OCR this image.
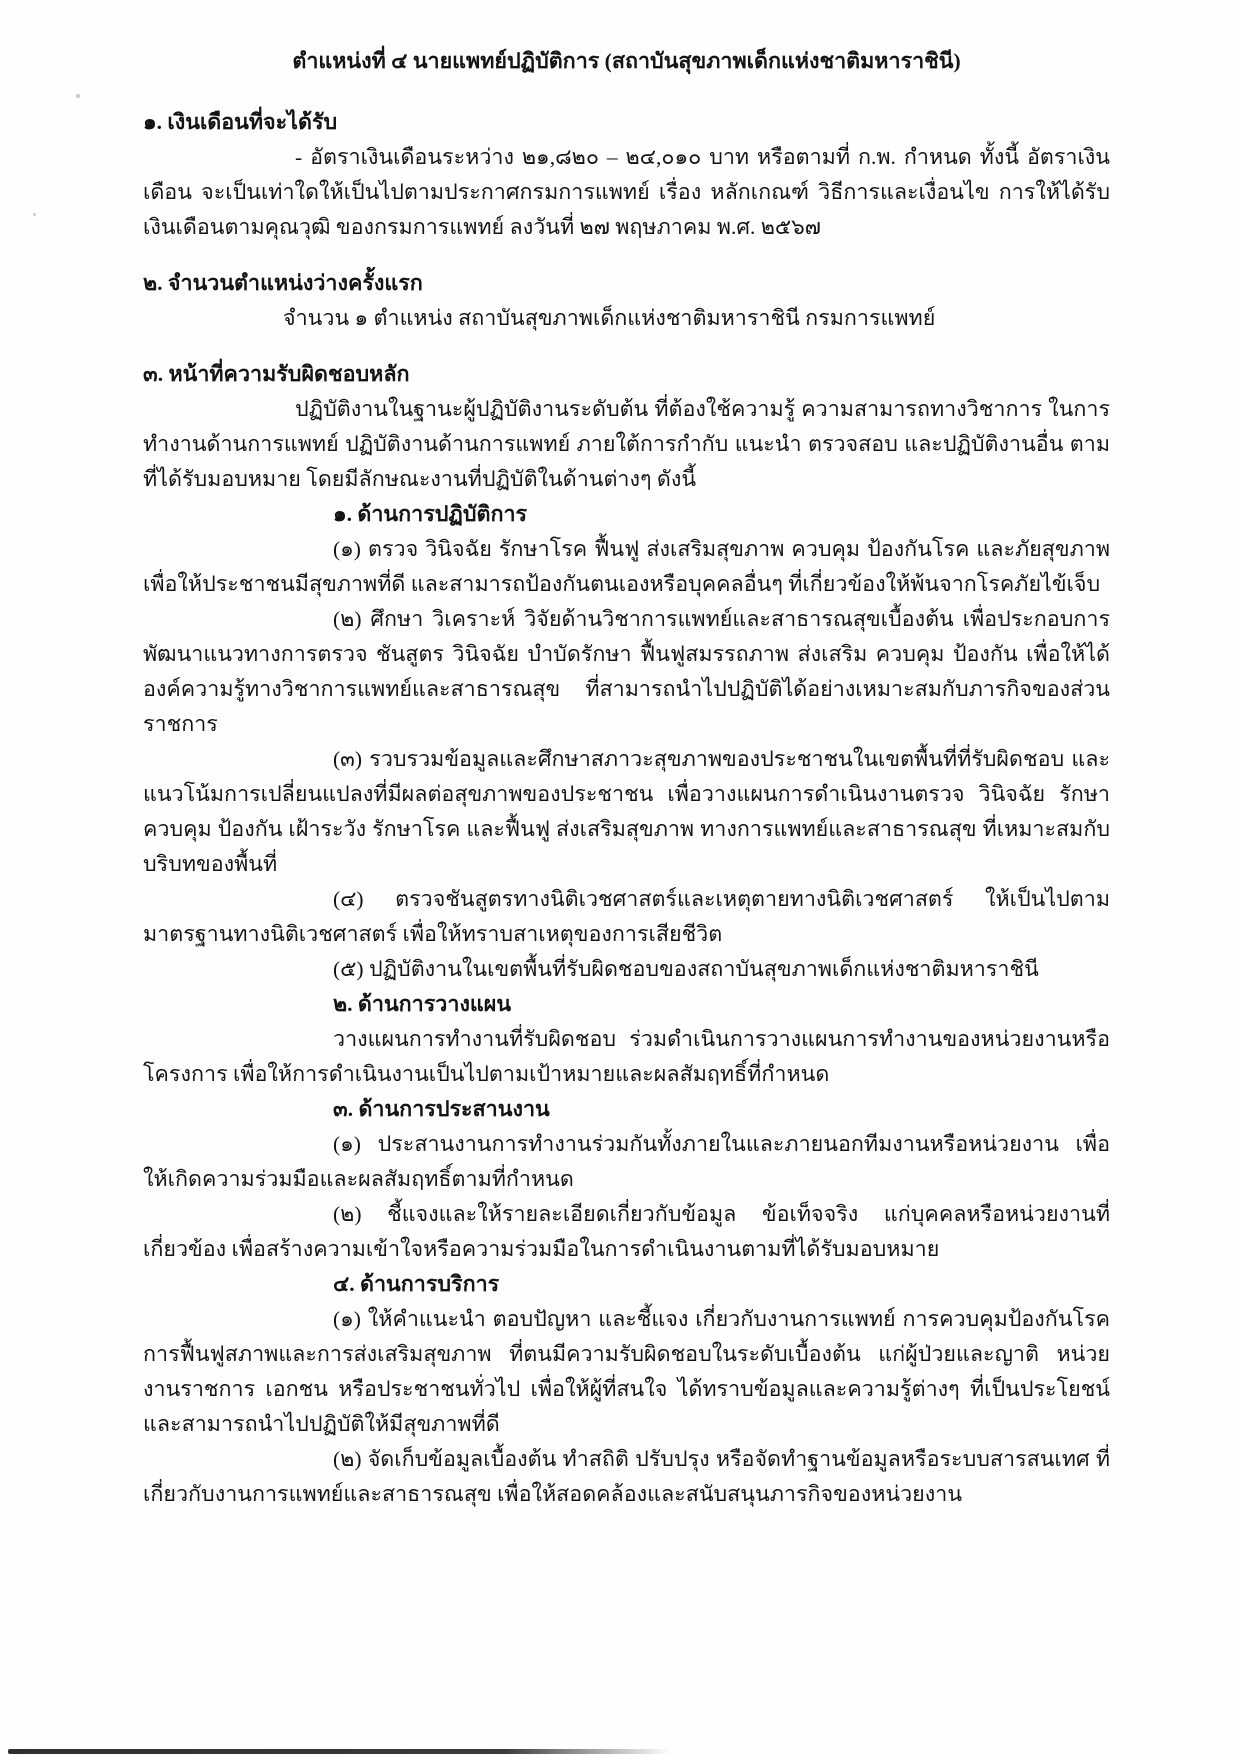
ตำแหน่งที่ ๔ นายแพทย์ปฏิบัติการ (สถาบันสุขภาพเด็กแห่งชาติมหาราชินี)
๑. เงินเดือนที่จะได้รับ

- อัตราเงินเดือนระหว่าง ๒๑,๘๒๐ – ๒๔,๐๑๐ บาท หรือตามที่ ก.พ. กำหนด ทั้งนี้ อัตราเงินเดือน จะเป็นเท่าใดให้เป็นไปตามประกาศกรมการแพทย์ เรื่อง หลักเกณฑ์ วิธีการและเงื่อนไข การให้ได้รับเงินเดือนตามคุณวุฒิ ของกรมการแพทย์ ลงวันที่ ๒๗ พฤษภาคม พ.ศ. ๒๕๖๗

๒. จำนวนตำแหน่งว่างครั้งแรก

จำนวน ๑ ตำแหน่ง สถาบันสุขภาพเด็กแห่งชาติมหาราชินี กรมการแพทย์

๓. หน้าที่ความรับผิดชอบหลัก

ปฏิบัติงานในฐานะผู้ปฏิบัติงานระดับต้น ที่ต้องใช้ความรู้ ความสามารถทางวิชาการ ในการทำงานด้านการแพทย์ ปฏิบัติงานด้านการแพทย์ ภายใต้การกำกับ แนะนำ ตรวจสอบ และปฏิบัติงานอื่น ตามที่ได้รับมอบหมาย โดยมีลักษณะงานที่ปฏิบัติในด้านต่างๆ ดังนี้

๑. ด้านการปฏิบัติการ

(๑) ตรวจ วินิจฉัย รักษาโรค ฟื้นฟู ส่งเสริมสุขภาพ ควบคุม ป้องกันโรค และภัยสุขภาพ เพื่อให้ประชาชนมีสุขภาพที่ดี และสามารถป้องกันตนเองหรือบุคคลอื่นๆ ที่เกี่ยวข้องให้พ้นจากโรคภัยไข้เจ็บ

(๒) ศึกษา วิเคราะห์ วิจัยด้านวิชาการแพทย์และสาธารณสุขเบื้องต้น เพื่อประกอบการพัฒนาแนวทางการตรวจ ชันสูตร วินิจฉัย บำบัดรักษา ฟื้นฟูสมรรถภาพ ส่งเสริม ควบคุม ป้องกัน เพื่อให้ได้องค์ความรู้ทางวิชาการแพทย์และสาธารณสุข ที่สามารถนำไปปฏิบัติได้อย่างเหมาะสมกับภารกิจของส่วนราชการ

(๓) รวบรวมข้อมูลและศึกษาสภาวะสุขภาพของประชาชนในเขตพื้นที่ที่รับผิดชอบ และแนวโน้มการเปลี่ยนแปลงที่มีผลต่อสุขภาพของประชาชน เพื่อวางแผนการดำเนินงานตรวจ วินิจฉัย รักษา ควบคุม ป้องกัน เฝ้าระวัง รักษาโรค และฟื้นฟู ส่งเสริมสุขภาพ ทางการแพทย์และสาธารณสุข ที่เหมาะสมกับบริบทของพื้นที่

(๔) ตรวจชันสูตรทางนิติเวชศาสตร์และเหตุตายทางนิติเวชศาสตร์ ให้เป็นไปตามมาตรฐานทางนิติเวชศาสตร์ เพื่อให้ทราบสาเหตุของการเสียชีวิต

(๕) ปฏิบัติงานในเขตพื้นที่รับผิดชอบของสถาบันสุขภาพเด็กแห่งชาติมหาราชินี

๒. ด้านการวางแผน

วางแผนการทำงานที่รับผิดชอบ ร่วมดำเนินการวางแผนการทำงานของหน่วยงานหรือโครงการ เพื่อให้การดำเนินงานเป็นไปตามเป้าหมายและผลสัมฤทธิ์ที่กำหนด

๓. ด้านการประสานงาน

(๑) ประสานงานการทำงานร่วมกันทั้งภายในและภายนอกทีมงานหรือหน่วยงาน เพื่อให้เกิดความร่วมมือและผลสัมฤทธิ์ตามที่กำหนด

(๒) ชี้แจงและให้รายละเอียดเกี่ยวกับข้อมูล ข้อเท็จจริง แก่บุคคลหรือหน่วยงานที่เกี่ยวข้อง เพื่อสร้างความเข้าใจหรือความร่วมมือในการดำเนินงานตามที่ได้รับมอบหมาย

๔. ด้านการบริการ

(๑) ให้คำแนะนำ ตอบปัญหา และชี้แจง เกี่ยวกับงานการแพทย์ การควบคุมป้องกันโรค การฟื้นฟูสภาพและการส่งเสริมสุขภาพ ที่ตนมีความรับผิดชอบในระดับเบื้องต้น แก่ผู้ป่วยและญาติ หน่วยงานราชการ เอกชน หรือประชาชนทั่วไป เพื่อให้ผู้ที่สนใจ ได้ทราบข้อมูลและความรู้ต่างๆ ที่เป็นประโยชน์ และสามารถนำไปปฏิบัติให้มีสุขภาพที่ดี

(๒) จัดเก็บข้อมูลเบื้องต้น ทำสถิติ ปรับปรุง หรือจัดทำฐานข้อมูลหรือระบบสารสนเทศ ที่เกี่ยวกับงานการแพทย์และสาธารณสุข เพื่อให้สอดคล้องและสนับสนุนภารกิจของหน่วยงาน
